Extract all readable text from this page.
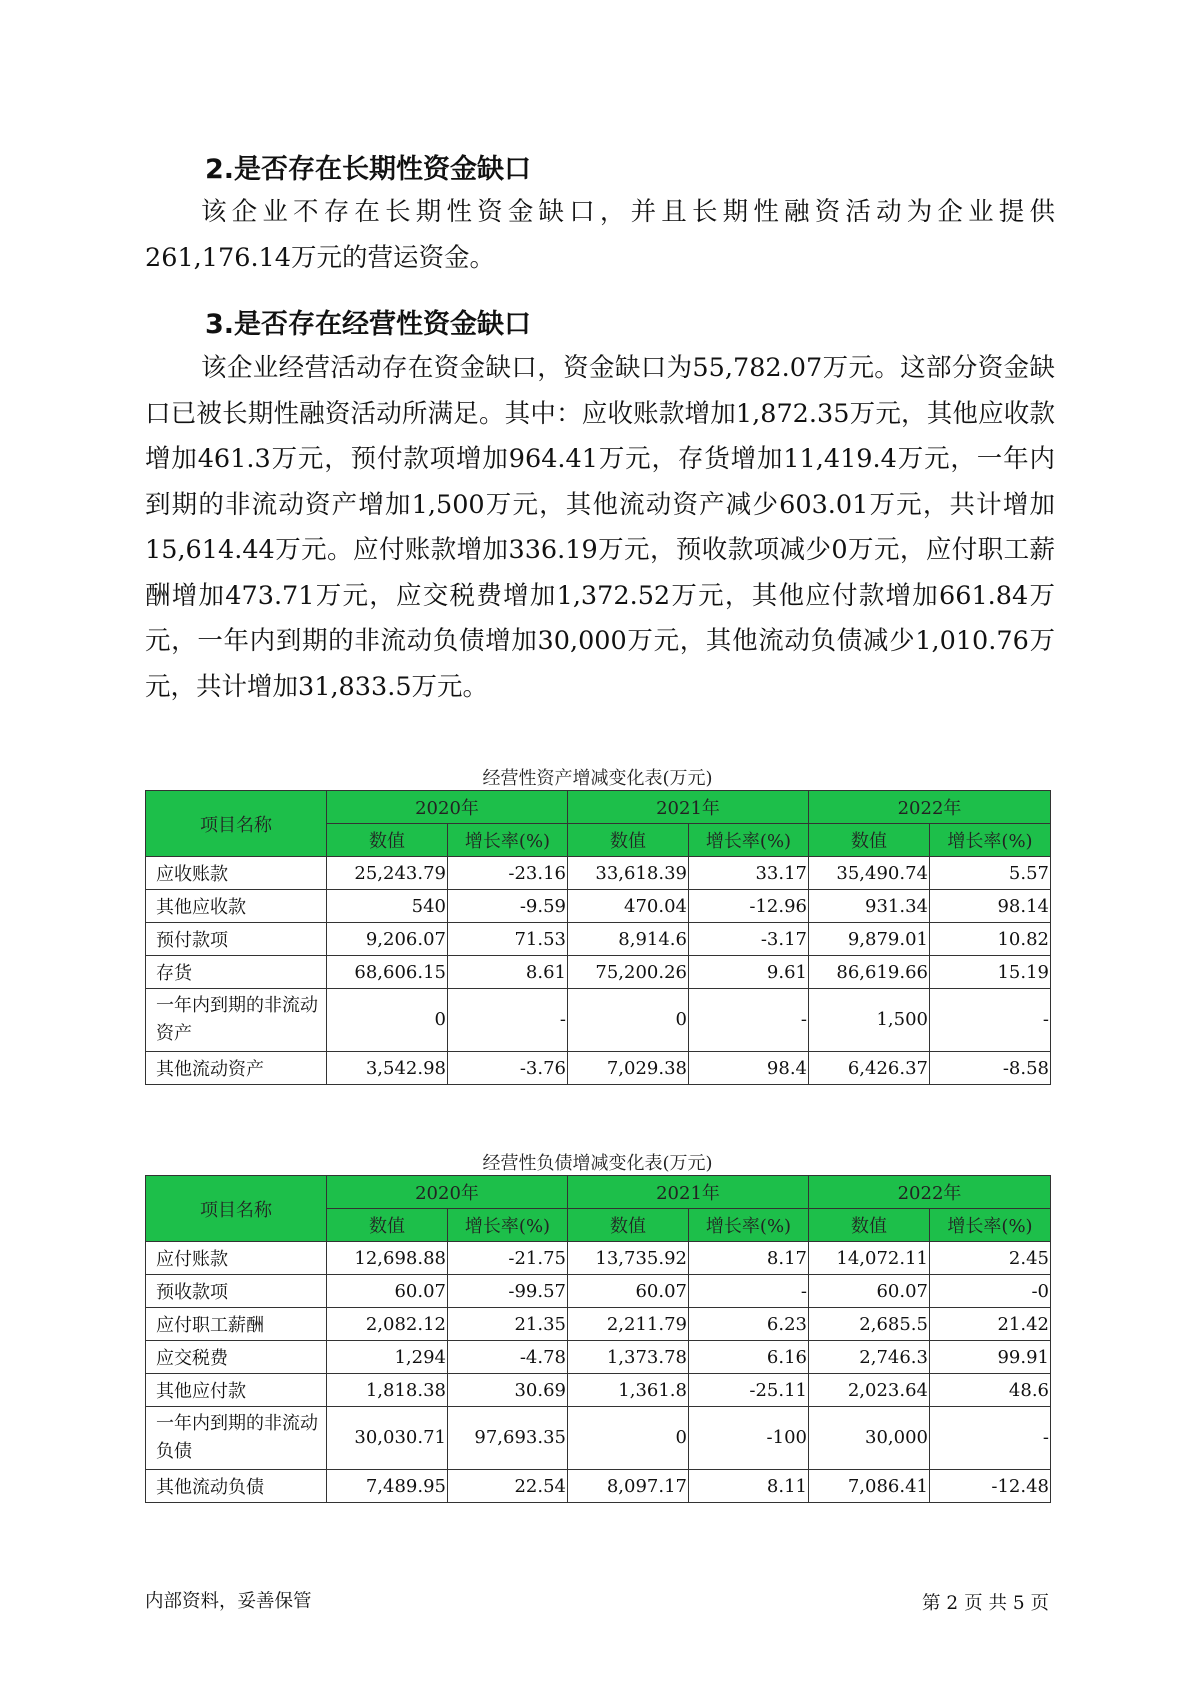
2.是否存在长期性资金缺口

该企业不存在长期性资金缺口，并且长期性融资活动为企业提供261,176.14万元的营运资金。

3.是否存在经营性资金缺口

该企业经营活动存在资金缺口，资金缺口为55,782.07万元。这部分资金缺口已被长期性融资活动所满足。其中：应收账款增加1,872.35万元，其他应收款增加461.3万元，预付款项增加964.41万元，存货增加11,419.4万元，一年内到期的非流动资产增加1,500万元，其他流动资产减少603.01万元，共计增加15,614.44万元。应付账款增加336.19万元，预收款项减少0万元，应付职工薪酬增加473.71万元，应交税费增加1,372.52万元，其他应付款增加661.84万元，一年内到期的非流动负债增加30,000万元，其他流动负债减少1,010.76万元，共计增加31,833.5万元。

经营性资产增减变化表(万元)
项目名称	2020年		2021年		2022年	
	数值	增长率(%)	数值	增长率(%)	数值	增长率(%)
应收账款	25,243.79	-23.16	33,618.39	33.17	35,490.74	5.57
其他应收款	540	-9.59	470.04	-12.96	931.34	98.14
预付款项	9,206.07	71.53	8,914.6	-3.17	9,879.01	10.82
存货	68,606.15	8.61	75,200.26	9.61	86,619.66	15.19
一年内到期的非流动资产	0	-	0	-	1,500	-
其他流动资产	3,542.98	-3.76	7,029.38	98.4	6,426.37	-8.58
经营性负债增减变化表(万元)
项目名称	2020年		2021年		2022年	
	数值	增长率(%)	数值	增长率(%)	数值	增长率(%)
应付账款	12,698.88	-21.75	13,735.92	8.17	14,072.11	2.45
预收款项	60.07	-99.57	60.07	-	60.07	-0
应付职工薪酬	2,082.12	21.35	2,211.79	6.23	2,685.5	21.42
应交税费	1,294	-4.78	1,373.78	6.16	2,746.3	99.91
其他应付款	1,818.38	30.69	1,361.8	-25.11	2,023.64	48.6
一年内到期的非流动负债	30,030.71	97,693.35	0	-100	30,000	-
其他流动负债	7,489.95	22.54	8,097.17	8.11	7,086.41	-12.48
内部资料，妥善保管	第 2 页 共 5 页
